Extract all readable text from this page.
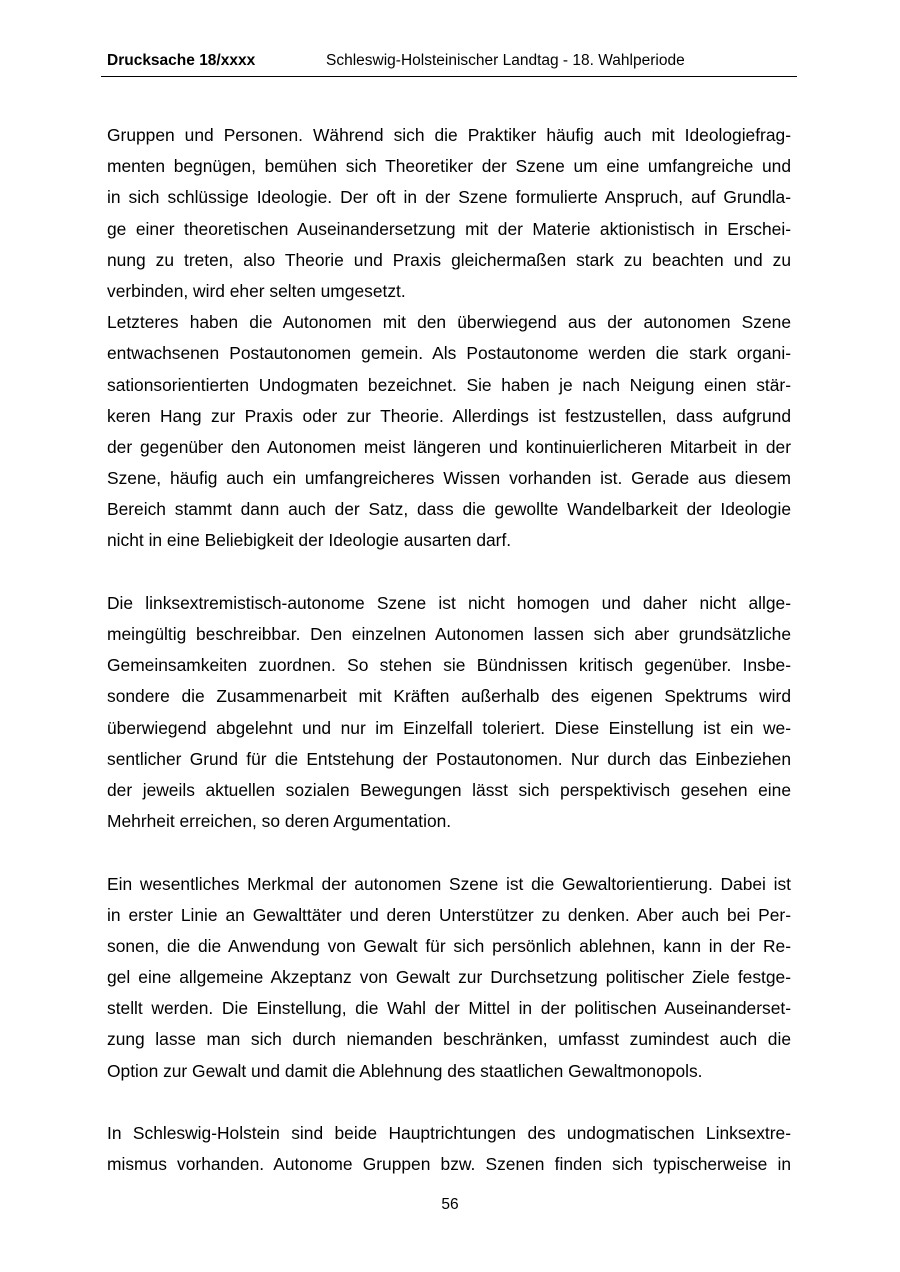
Drucksache 18/xxxx	Schleswig-Holsteinischer Landtag - 18. Wahlperiode
Gruppen und Personen. Während sich die Praktiker häufig auch mit Ideologiefrag-
menten begnügen, bemühen sich Theoretiker der Szene um eine umfangreiche und
in sich schlüssige Ideologie. Der oft in der Szene formulierte Anspruch, auf Grundla-
ge einer theoretischen Auseinandersetzung mit der Materie aktionistisch in Erschei-
nung zu treten, also Theorie und Praxis gleichermaßen stark zu beachten und zu
verbinden, wird eher selten umgesetzt.
Letzteres haben die Autonomen mit den überwiegend aus der autonomen Szene
entwachsenen Postautonomen gemein. Als Postautonome werden die stark organi-
sationsorientierten Undogmaten bezeichnet. Sie haben je nach Neigung einen stär-
keren Hang zur Praxis oder zur Theorie. Allerdings ist festzustellen, dass aufgrund
der gegenüber den Autonomen meist längeren und kontinuierlicheren Mitarbeit in der
Szene, häufig auch ein umfangreicheres Wissen vorhanden ist. Gerade aus diesem
Bereich stammt dann auch der Satz, dass die gewollte Wandelbarkeit der Ideologie
nicht in eine Beliebigkeit der Ideologie ausarten darf.
Die linksextremistisch-autonome Szene ist nicht homogen und daher nicht allge-
meingültig beschreibbar. Den einzelnen Autonomen lassen sich aber grundsätzliche
Gemeinsamkeiten zuordnen. So stehen sie Bündnissen kritisch gegenüber. Insbe-
sondere die Zusammenarbeit mit Kräften außerhalb des eigenen Spektrums wird
überwiegend abgelehnt und nur im Einzelfall toleriert. Diese Einstellung ist ein we-
sentlicher Grund für die Entstehung der Postautonomen. Nur durch das Einbeziehen
der jeweils aktuellen sozialen Bewegungen lässt sich perspektivisch gesehen eine
Mehrheit erreichen, so deren Argumentation.
Ein wesentliches Merkmal der autonomen Szene ist die Gewaltorientierung. Dabei ist
in erster Linie an Gewalttäter und deren Unterstützer zu denken. Aber auch bei Per-
sonen, die die Anwendung von Gewalt für sich persönlich ablehnen, kann in der Re-
gel eine allgemeine Akzeptanz von Gewalt zur Durchsetzung politischer Ziele festge-
stellt werden. Die Einstellung, die Wahl der Mittel in der politischen Auseinanderset-
zung lasse man sich durch niemanden beschränken, umfasst zumindest auch die
Option zur Gewalt und damit die Ablehnung des staatlichen Gewaltmonopols.
In Schleswig-Holstein sind beide Hauptrichtungen des undogmatischen Linksextre-
mismus vorhanden. Autonome Gruppen bzw. Szenen finden sich typischerweise in
56
